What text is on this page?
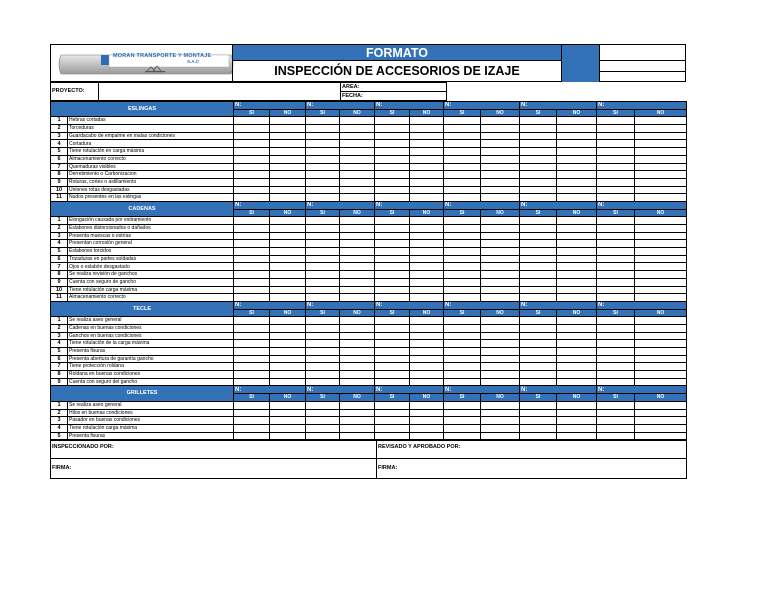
MORAN TRANSPORTE Y MONTAJE
S.A.C
FORMATO
INSPECCIÓN DE ACCESORIOS DE IZAJE
PROYECTO:		AREA:	
		FECHA:	
ESLINGAS		N:		N:		N:		N:		N:		N:	
		SI	NO	SI	NO	SI	NO	SI	NO	SI	NO	SI	NO
1	Hebras cortadas												
2	Torceduras												
3	Guardacabo de empalme en malas condiciones												
4	Cortadura												
5	Tiene rotulación en carga máxima												
6	Almacenamiento correcto												
7	Quemaduras visibles												
8	Derretimiento o Carbonizacion												
9	Roturas, cortes o astillamiento												
10	Uniones rotas desgastadas												
11	Nudos presentes en las eslingas												
CADENAS		N:		N:		N:		N:		N:		N:	
		SI	NO	SI	NO	SI	NO	SI	NO	SI	NO	SI	NO
1	Elongación causada por estiramiento												
2	Eslabones distorsionados o dañados												
3	Presenta muescas o estrías												
4	Presentan corrosión general												
5	Eslabones torcidos												
6	Trizaduras en partes soldadas												
7	Ojos o eslabón desgastado												
8	Se realiza revisión de ganchos												
9	Cuenta con seguro de gancho												
10	Tiene rotulación carga máxima												
11	Almacenamiento correcto												
TECLE		N:		N:		N:		N:		N:		N:	
		SI	NO	SI	NO	SI	NO	SI	NO	SI	NO	SI	NO
1	Se realiza aseo general												
2	Cadenas en buenas condiciones												
3	Ganchos en buenas condiciones												
4	Tiene rotulación de la carga máxima												
5	Presenta fisuras												
6	Presenta abertura de garantía gancho												
7	Tiene protección roldana												
8	Roldana en buenas condiciones												
9	Cuenta con seguro del gancho												
GRILLETES		N:		N:		N:		N:		N:		N:	
		SI	NO	SI	NO	SI	NO	SI	NO	SI	NO	SI	NO
1	Se realiza aseo general												
2	Hilos en buenas condiciones												
3	Pasador en buenas condiciones												
4	Tiene rotulación carga máxima												
5	Presenta fisuras												
INSPECCIONADO POR:	REVISADO Y APROBADO POR:
FIRMA:	FIRMA:
